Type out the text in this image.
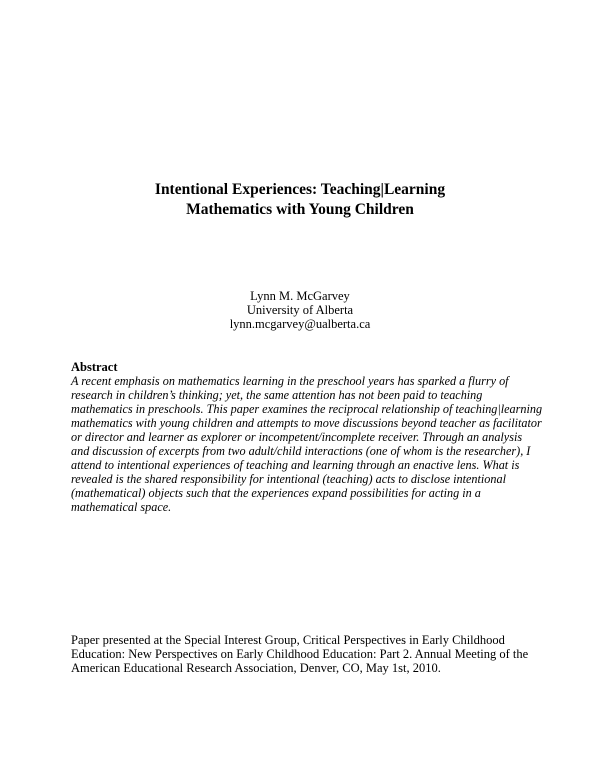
Intentional Experiences: Teaching|Learning
Mathematics with Young Children
Lynn M. McGarvey
University of Alberta
lynn.mcgarvey@ualberta.ca
Abstract
A recent emphasis on mathematics learning in the preschool years has sparked a flurry of
research in children’s thinking; yet, the same attention has not been paid to teaching
mathematics in preschools. This paper examines the reciprocal relationship of teaching|learning
mathematics with young children and attempts to move discussions beyond teacher as facilitator
or director and learner as explorer or incompetent/incomplete receiver. Through an analysis
and discussion of excerpts from two adult/child interactions (one of whom is the researcher), I
attend to intentional experiences of teaching and learning through an enactive lens. What is
revealed is the shared responsibility for intentional (teaching) acts to disclose intentional
(mathematical) objects such that the experiences expand possibilities for acting in a
mathematical space.
Paper presented at the Special Interest Group, Critical Perspectives in Early Childhood
Education: New Perspectives on Early Childhood Education: Part 2. Annual Meeting of the
American Educational Research Association, Denver, CO, May 1st, 2010.
